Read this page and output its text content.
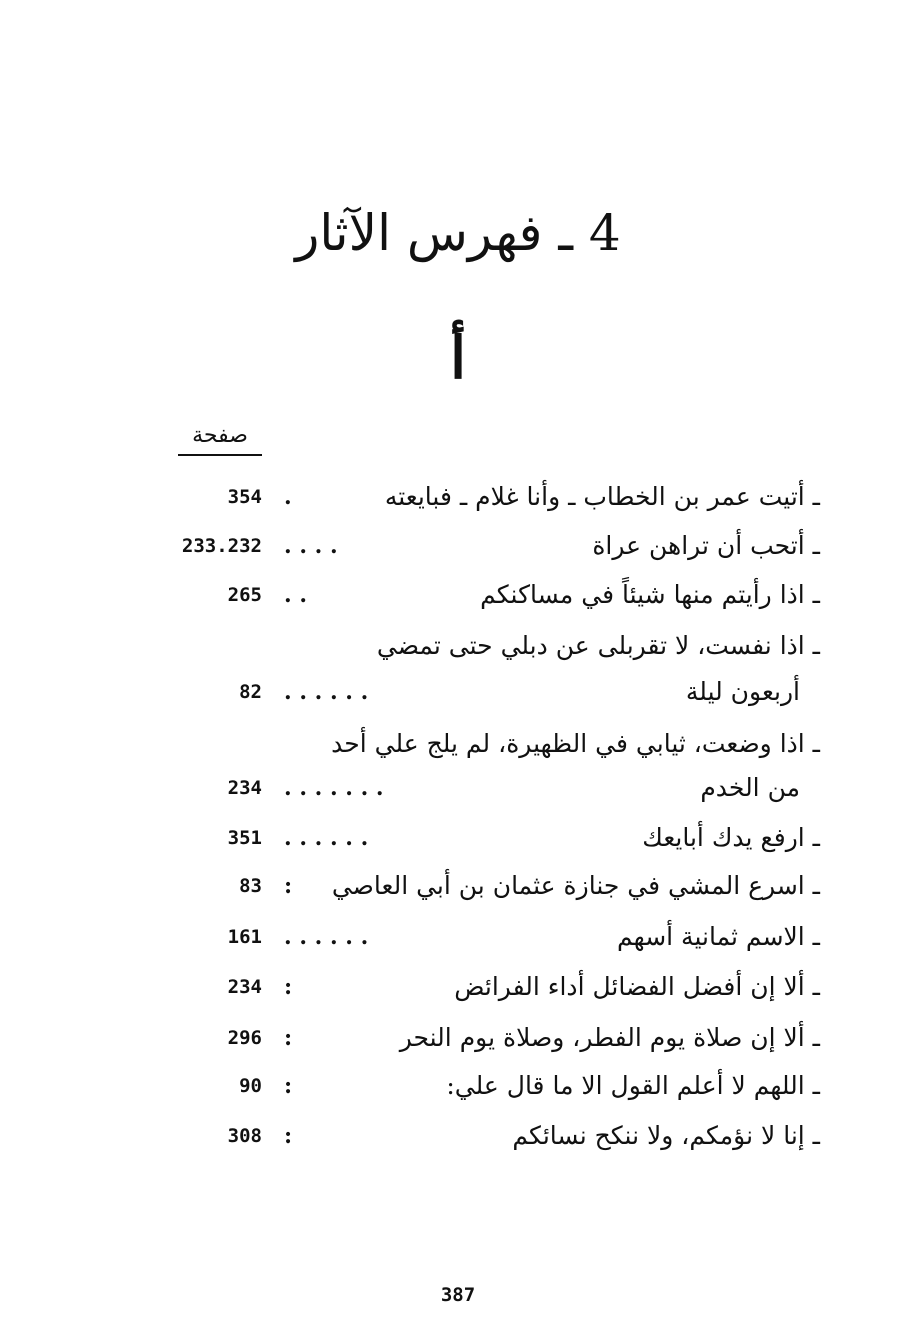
4 ـ فهرس الآثار
أ
صفحة
ـ أتيت عمر بن الخطاب ـ وأنا غلام ـ فبايعته
.
354
ـ أتحب أن تراهن عراة
. . . .
233.232
ـ اذا رأيتم منها شيئاً في مساكنكم
. .
265
ـ اذا نفست، لا تقربلى عن دبلي حتى تمضي
أربعون ليلة
. . . . . .
82
ـ اذا وضعت، ثيابي في الظهيرة، لم يلج علي أحد
من الخدم
. . . . . . .
234
ـ ارفع يدك أبايعك
. . . . . .
351
ـ اسرع المشي في جنازة عثمان بن أبي العاصي
:
83
ـ الاسم ثمانية أسهم
. . . . . .
161
ـ ألا إن أفضل الفضائل أداء الفرائض
:
234
ـ ألا إن صلاة يوم الفطر، وصلاة يوم النحر
:
296
ـ اللهم لا أعلم القول الا ما قال علي:
:
90
ـ إنا لا نؤمكم، ولا ننكح نسائكم
:
308
387
